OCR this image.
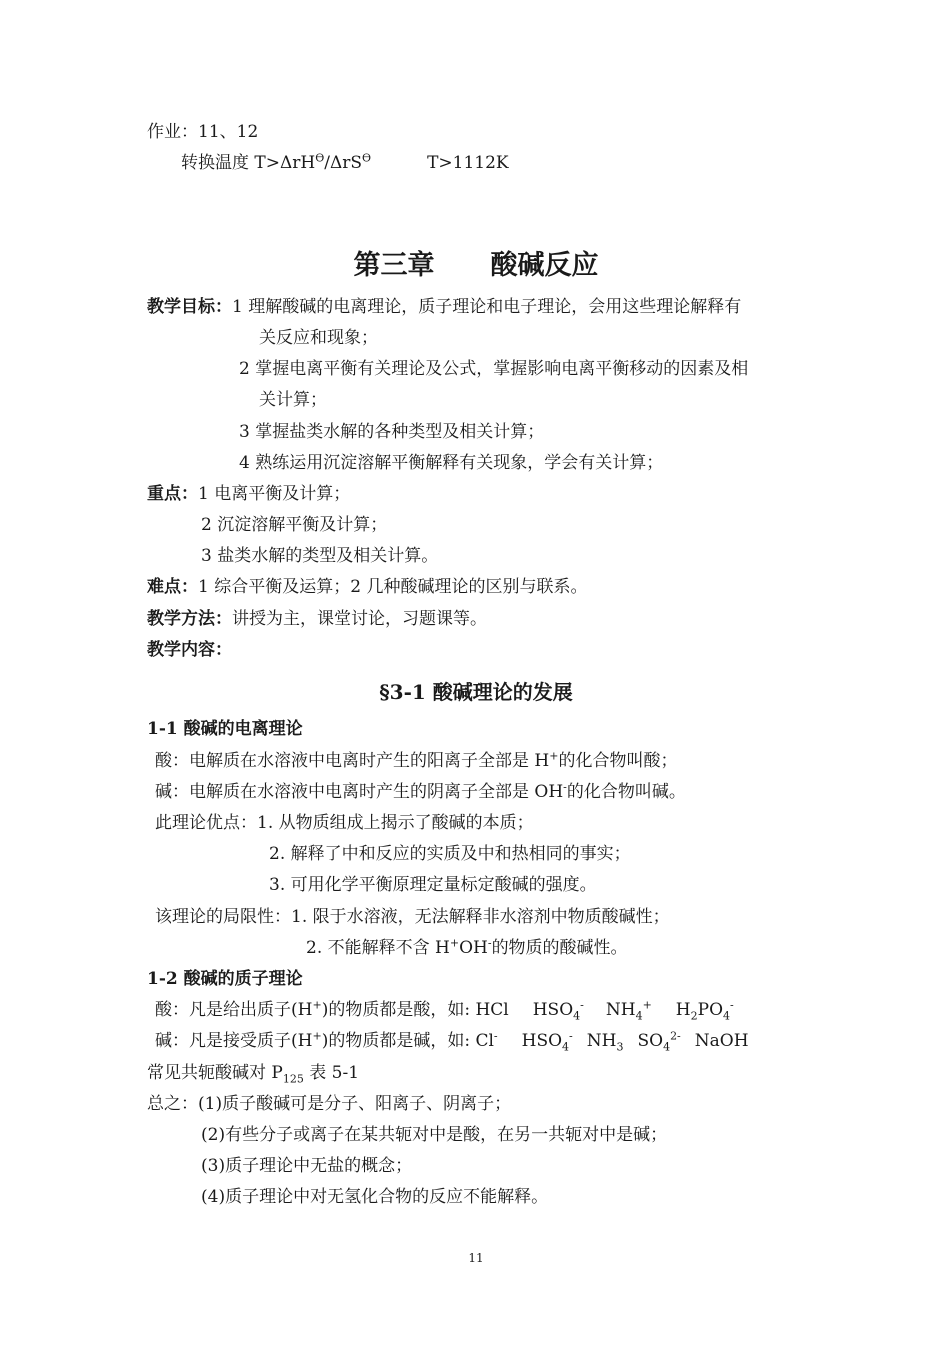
作业：11、12
转换温度 T>ΔrH$^ϴ$/ΔrS$^ϴ$	T>1112K
第三章 酸碱反应
教学目标：1 理解酸碱的电离理论，质子理论和电子理论，会用这些理论解释有
关反应和现象；
2 掌握电离平衡有关理论及公式，掌握影响电离平衡移动的因素及相
关计算；
3 掌握盐类水解的各种类型及相关计算；
4 熟练运用沉淀溶解平衡解释有关现象，学会有关计算；
重点：1 电离平衡及计算；
2 沉淀溶解平衡及计算；
3 盐类水解的类型及相关计算。
难点：1 综合平衡及运算；2 几种酸碱理论的区别与联系。
教学方法：讲授为主，课堂讨论，习题课等。
教学内容：
§3-1 酸碱理论的发展
1-1 酸碱的电离理论
酸：电解质在水溶液中电离时产生的阳离子全部是 H+的化合物叫酸；
碱：电解质在水溶液中电离时产生的阴离子全部是 OH-的化合物叫碱。
此理论优点：1. 从物质组成上揭示了酸碱的本质；
2. 解释了中和反应的实质及中和热相同的事实；
3. 可用化学平衡原理定量标定酸碱的强度。
该理论的局限性：1. 限于水溶液，无法解释非水溶剂中物质酸碱性；
2. 不能解释不含 H+OH-的物质的酸碱性。
1-2 酸碱的质子理论
酸：凡是给出质子(H+)的物质都是酸，如: HCl $HSO_4^-$ $NH_4^+$ $H_2PO_4^-$
碱：凡是接受质子(H+)的物质都是碱，如: Cl- $HSO_4^-$ $NH_3$ $SO_4^{2-}$ NaOH
常见共轭酸碱对 $P_{125}$ 表 5-1
总之：(1)质子酸碱可是分子、阳离子、阴离子；
(2)有些分子或离子在某共轭对中是酸，在另一共轭对中是碱；
(3)质子理论中无盐的概念；
(4)质子理论中对无氢化合物的反应不能解释。
11
